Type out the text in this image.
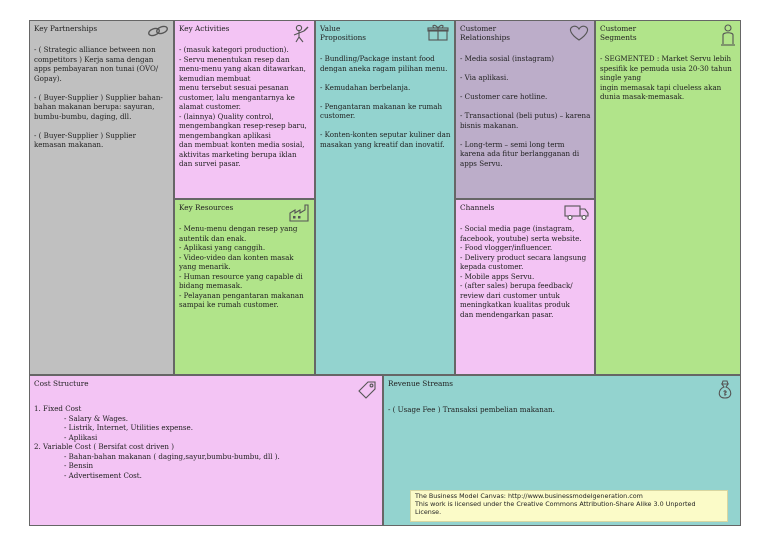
Key Partnerships

- ( Strategic alliance between non competitors ) Kerja sama dengan apps pembayaran non tunai (OVO/ Gopay).

- ( Buyer-Supplier ) Supplier bahan-bahan makanan berupa: sayuran, bumbu-bumbu, daging, dll.

- ( Buyer-Supplier ) Supplier kemasan makanan.

Key Activities

- (masuk kategori production).
- Servu menentukan resep dan menu-menu yang akan ditawarkan, kemudian membuat
menu tersebut sesuai pesanan customer, lalu mengantarnya ke alamat customer.
- (lainnya) Quality control, mengembangkan resep-resep baru, mengembangkan aplikasi
dan membuat konten media sosial, aktivitas marketing berupa iklan dan survei pasar.

Key Resources

- Menu-menu dengan resep yang autentik dan enak.
- Aplikasi yang canggih.
- Video-video dan konten masak yang menarik.
- Human resource yang capable di bidang memasak.
- Pelayanan pengantaran makanan sampai ke rumah customer.

Value
Propositions

- Bundling/Package instant food dengan aneka ragam pilihan menu.

- Kemudahan berbelanja.

- Pengantaran makanan ke rumah customer.

- Konten-konten seputar kuliner dan masakan yang kreatif dan inovatif.

Customer
Relationships

- Media sosial (instagram)

- Via aplikasi.

- Customer care hotline.

- Transactional (beli putus) – karena bisnis makanan.

- Long-term – semi long term karena ada fitur berlangganan di apps Servu.

Channels

- Social media page (instagram, facebook, youtube) serta website.
- Food vlogger/influencer.
- Delivery product secara langsung kepada customer.
- Mobile apps Servu.
- (after sales) berupa feedback/ review dari customer untuk meningkatkan kualitas produk
dan mendengarkan pasar.

Customer
Segments

- SEGMENTED : Market Servu lebih spesifik ke pemuda usia 20-30 tahun single yang
ingin memasak tapi clueless akan dunia masak-memasak.

Cost Structure

1. Fixed Cost

- Salary & Wages.

- Listrik, Internet, Utilities expense.

- Aplikasi

2. Variable Cost ( Bersifat cost driven )

- Bahan-bahan makanan ( daging,sayur,bumbu-bumbu, dll ).

- Bensin

- Advertisement Cost.

Revenue Streams

- ( Usage Fee ) Transaksi pembelian makanan.

The Business Model Canvas: http://www.businessmodelgeneration.com
This work is licensed under the Creative Commons Attribution-Share Alike 3.0 Unported License.
